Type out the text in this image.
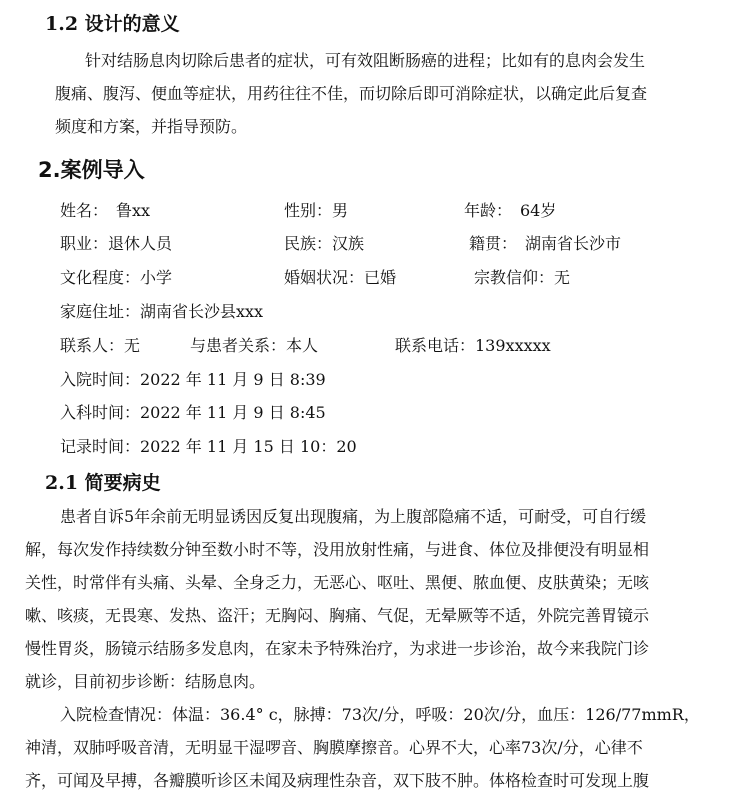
1.2 设计的意义

针对结肠息肉切除后患者的症状，可有效阻断肠癌的进程；比如有的息肉会发生

腹痛、腹泻、便血等症状，用药往往不佳，而切除后即可消除症状，以确定此后复查

频度和方案，并指导预防。

2.案例导入
姓名：　鲁xx	性别：男	年龄：　64岁
职业：退休人员	民族：汉族	籍贯：　湖南省长沙市
文化程度：小学	婚姻状况：已婚	宗教信仰：无
家庭住址：湖南省长沙县xxx
联系人：无	与患者关系：本人	联系电话：139xxxxx
入院时间：2022 年 11 月 9 日 8:39
入科时间：2022 年 11 月 9 日 8:45
记录时间：2022 年 11 月 15 日 10：20
2.1 简要病史

患者自诉5年余前无明显诱因反复出现腹痛，为上腹部隐痛不适，可耐受，可自行缓

解，每次发作持续数分钟至数小时不等，没用放射性痛，与进食、体位及排便没有明显相

关性，时常伴有头痛、头晕、全身乏力，无恶心、呕吐、黑便、脓血便、皮肤黄染；无咳

嗽、咳痰，无畏寒、发热、盗汗；无胸闷、胸痛、气促，无晕厥等不适，外院完善胃镜示

慢性胃炎，肠镜示结肠多发息肉，在家未予特殊治疗，为求进一步诊治，故今来我院门诊

就诊，目前初步诊断：结肠息肉。

入院检查情况：体温：36.4° c，脉搏：73次/分，呼吸：20次/分，血压：126/77mmR，

神清，双肺呼吸音清，无明显干湿啰音、胸膜摩擦音。心界不大，心率73次/分，心律不

齐，可闻及早搏，各瓣膜听诊区未闻及病理性杂音，双下肢不肿。体格检查时可发现上腹
